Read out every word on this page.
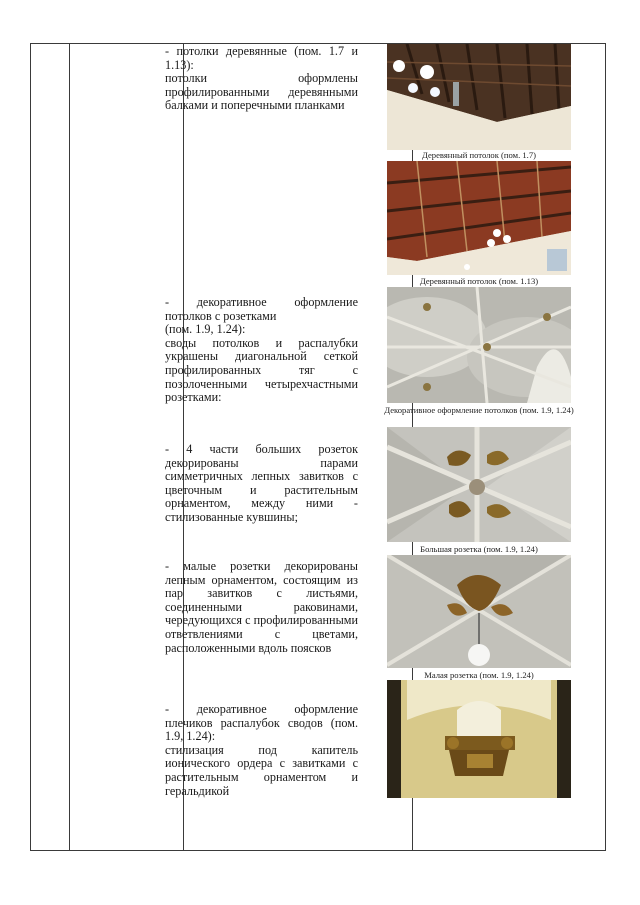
- потолки деревянные (пом. 1.7 и 1.13):
потолки оформлены профилированными деревянными балками и поперечными планками
- декоративное оформление потолков с розетками
(пом. 1.9, 1.24):
своды потолков и распалубки украшены диагональной сеткой профилированных тяг с позолоченными четырехчастными розетками:
- 4 части больших розеток декорированы парами симметричных лепных завитков с цветочным и растительным орнаментом, между ними - стилизованные кувшины;
- малые розетки декорированы лепным орнаментом, состоящим из пар завитков с листьями, соединенными раковинами, чередующихся с профилированными ответвлениями с цветами, расположенными вдоль поясков
- декоративное оформление плечиков распалубок сводов (пом. 1.9, 1.24):
стилизация под капитель ионического ордера с завитками с растительным орнаментом и геральдикой
Деревянный потолок (пом. 1.7)
Деревянный потолок (пом. 1.13)
Декоративное оформление потолков (пом. 1.9, 1.24)
Большая розетка (пом. 1.9, 1.24)
Малая розетка (пом. 1.9, 1.24)
